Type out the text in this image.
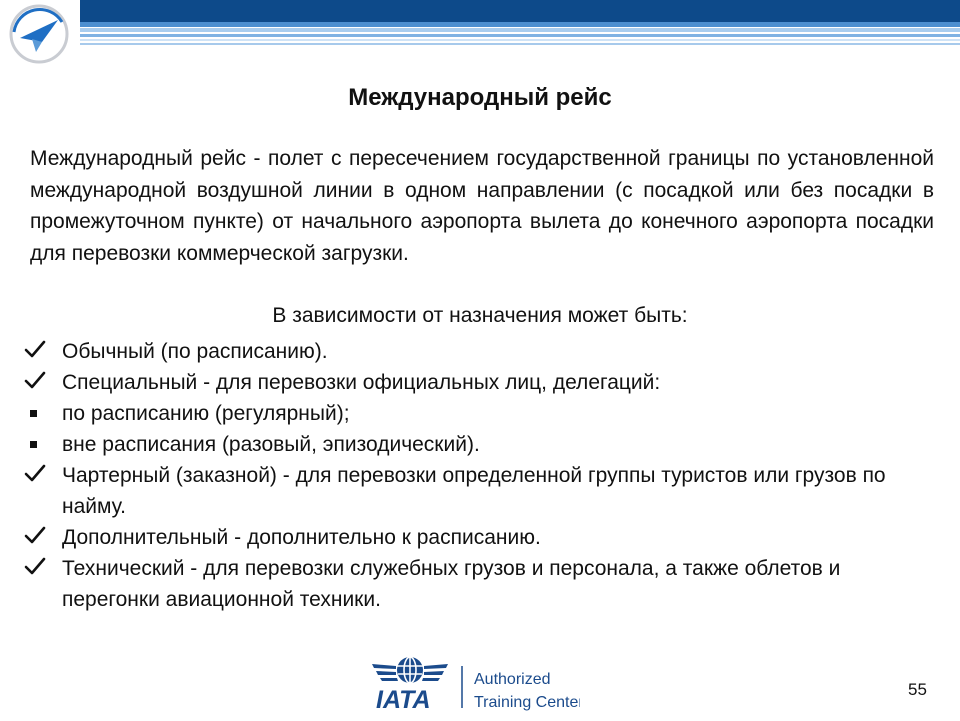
Международный рейс

Международный рейс - полет с пересечением государственной границы по установленной международной воздушной линии в одном направлении (с посадкой или без посадки в промежуточном пункте) от начального аэропорта вылета до конечного аэропорта посадки для перевозки коммерческой загрузки.

В зависимости от назначения может быть:
Обычный (по расписанию).
Специальный - для перевозки официальных лиц, делегаций:
по расписанию (регулярный);
вне расписания (разовый, эпизодический).
Чартерный (заказной) - для перевозки определенной группы туристов или грузов по найму.
Дополнительный - дополнительно к расписанию.
Технический - для перевозки служебных грузов и персонала, а также облетов и перегонки авиационной техники.
IATA
Authorized
Training Center
55
